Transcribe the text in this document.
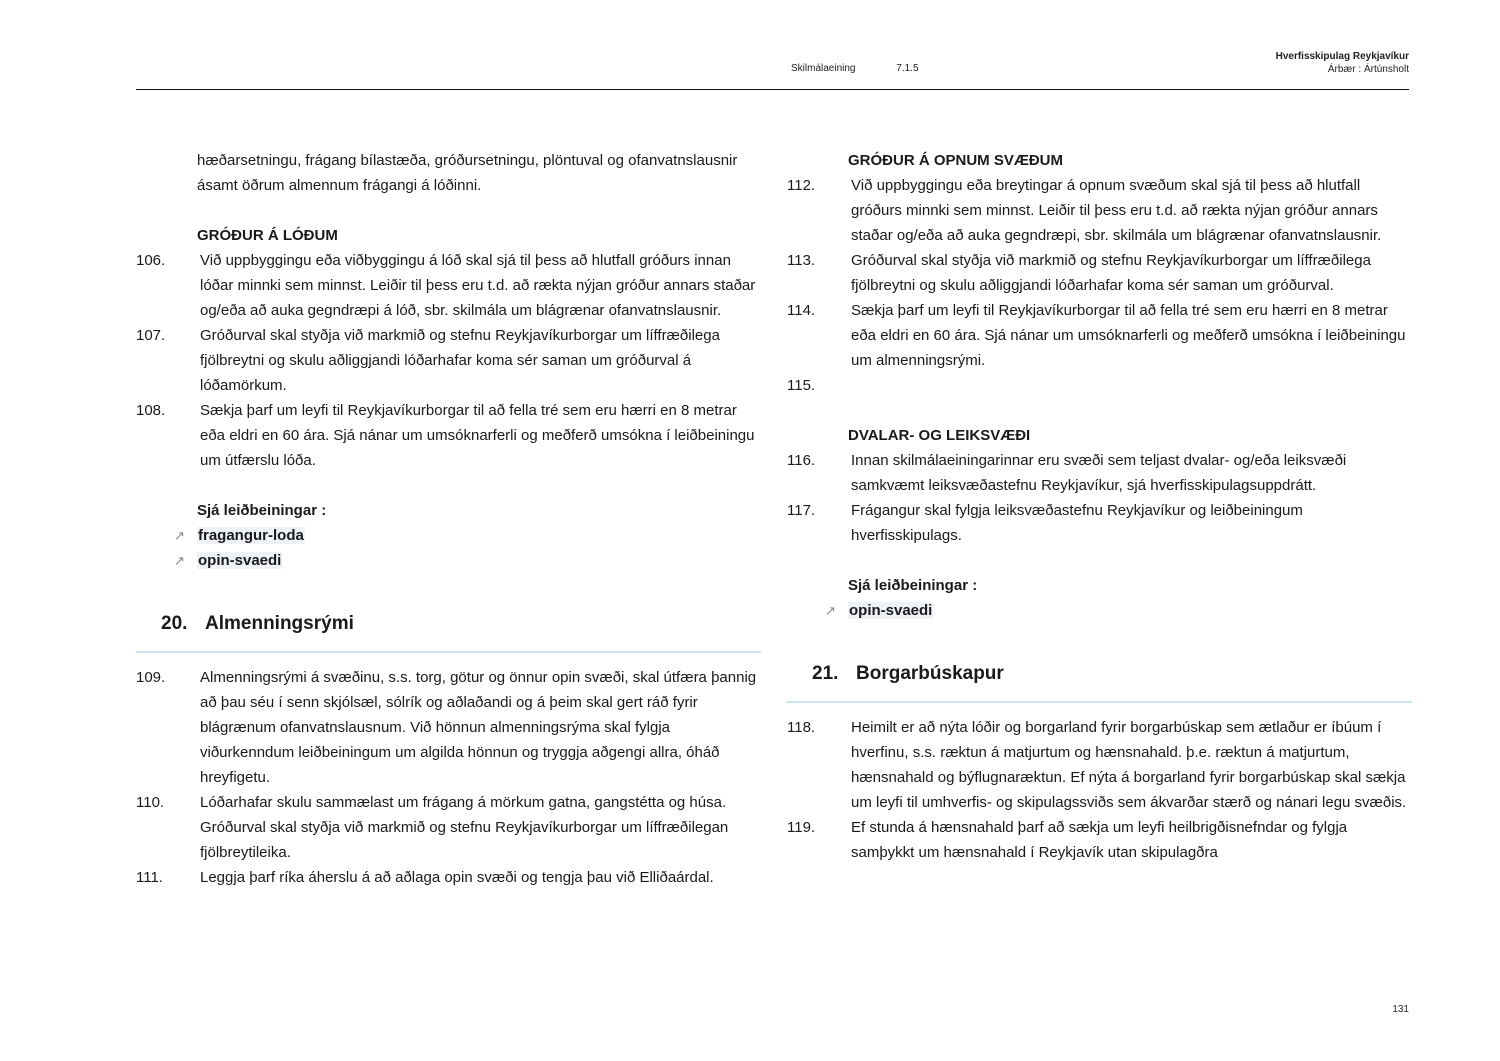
Skilmálaeining	7.1.5
Hverfisskipulag Reykjavíkur
Árbær : Ártúnsholt
hæðarsetningu, frágang bílastæða, gróðursetningu, plöntuval og ofanvatnslausnir ásamt öðrum almennum frágangi á lóðinni.
GRÓÐUR Á LÓÐUM
106.	Við uppbyggingu eða viðbyggingu á lóð skal sjá til þess að hlutfall gróðurs innan lóðar minnki sem minnst. Leiðir til þess eru t.d. að rækta nýjan gróður annars staðar og/eða að auka gegndræpi á lóð, sbr. skilmála um blágrænar ofanvatnslausnir.
107.	Gróðurval skal styðja við markmið og stefnu Reykjavíkurborgar um líffræðilega fjölbreytni og skulu aðliggjandi lóðarhafar koma sér saman um gróðurval á lóðamörkum.
108.	Sækja þarf um leyfi til Reykjavíkurborgar til að fella tré sem eru hærri en 8 metrar eða eldri en 60 ára. Sjá nánar um umsóknarferli og meðferð umsókna í leiðbeiningu um útfærslu lóða.
Sjá leiðbeiningar :
↗ fragangur-loda
↗ opin-svaedi
20. Almenningsrými
109.	Almenningsrými á svæðinu, s.s. torg, götur og önnur opin svæði, skal útfæra þannig að þau séu í senn skjólsæl, sólrík og aðlaðandi og á þeim skal gert ráð fyrir blágrænum ofanvatnslausnum. Við hönnun almenningsrýma skal fylgja viðurkenndum leiðbeiningum um algilda hönnun og tryggja aðgengi allra, óháð hreyfigetu.
110.	Lóðarhafar skulu sammælast um frágang á mörkum gatna, gangstétta og húsa. Gróðurval skal styðja við markmið og stefnu Reykjavíkurborgar um líffræðilegan fjölbreytileika.
111.	Leggja þarf ríka áherslu á að aðlaga opin svæði og tengja þau við Elliðaárdal.
GRÓÐUR Á OPNUM SVÆÐUM
112.	Við uppbyggingu eða breytingar á opnum svæðum skal sjá til þess að hlutfall gróðurs minnki sem minnst. Leiðir til þess eru t.d. að rækta nýjan gróður annars staðar og/eða að auka gegndræpi, sbr. skilmála um blágrænar ofanvatnslausnir.
113.	Gróðurval skal styðja við markmið og stefnu Reykjavíkurborgar um líffræðilega fjölbreytni og skulu aðliggjandi lóðarhafar koma sér saman um gróðurval.
114.	Sækja þarf um leyfi til Reykjavíkurborgar til að fella tré sem eru hærri en 8 metrar eða eldri en 60 ára. Sjá nánar um umsóknarferli og meðferð umsókna í leiðbeiningu um almenningsrými.
115.
DVALAR- OG LEIKSVÆÐI
116.	Innan skilmálaeiningarinnar eru svæði sem teljast dvalar- og/eða leiksvæði samkvæmt leiksvæðastefnu Reykjavíkur, sjá hverfisskipulagsuppdrátt.
117.	Frágangur skal fylgja leiksvæðastefnu Reykjavíkur og leiðbeiningum hverfisskipulags.
Sjá leiðbeiningar :
↗ opin-svaedi
21. Borgarbúskapur
118.	Heimilt er að nýta lóðir og borgarland fyrir borgarbúskap sem ætlaður er íbúum í hverfinu, s.s. ræktun á matjurtum og hænsnahald. þ.e. ræktun á matjurtum, hænsnahald og býflugnaræktun. Ef nýta á borgarland fyrir borgarbúskap skal sækja um leyfi til umhverfis- og skipulagssviðs sem ákvarðar stærð og nánari legu svæðis.
119.	Ef stunda á hænsnahald þarf að sækja um leyfi heilbrigðisnefndar og fylgja samþykkt um hænsnahald í Reykjavík utan skipulagðra
131
